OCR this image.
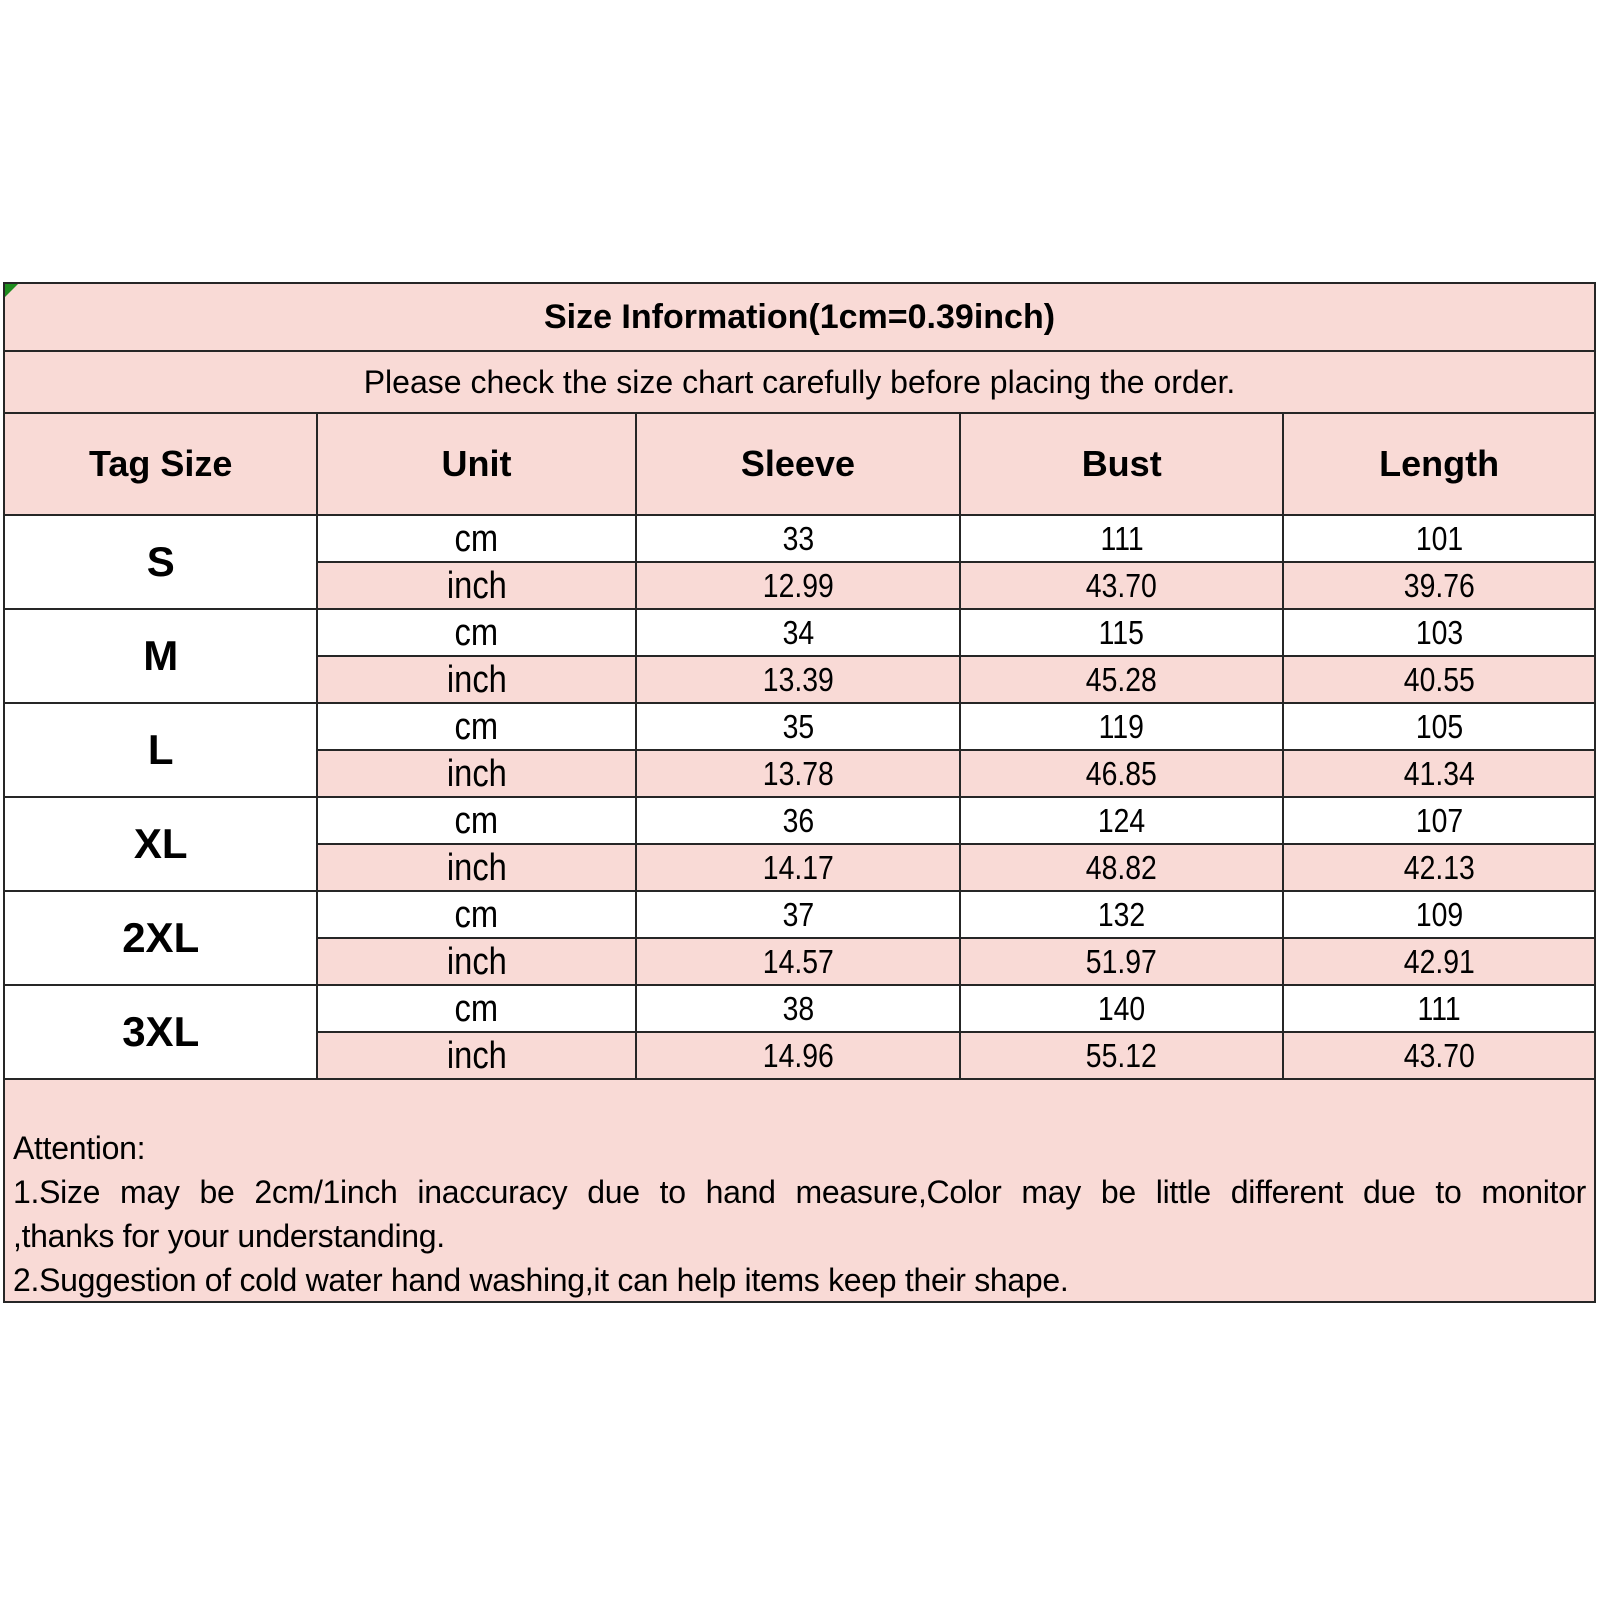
Size Information(1cm=0.39inch)
Please check the size chart carefully before placing the order.
Tag Size	Unit	Sleeve	Bust	Length
S	cm	33	111	101
inch	12.99	43.70	39.76
M	cm	34	115	103
inch	13.39	45.28	40.55
L	cm	35	119	105
inch	13.78	46.85	41.34
XL	cm	36	124	107
inch	14.17	48.82	42.13
2XL	cm	37	132	109
inch	14.57	51.97	42.91
3XL	cm	38	140	111
inch	14.96	55.12	43.70
Attention:
1.Size may be 2cm/1inch inaccuracy due to hand measure,Color may be little different due to monitor
,thanks for your understanding.
2.Suggestion of cold water hand washing,it can help items keep their shape.
